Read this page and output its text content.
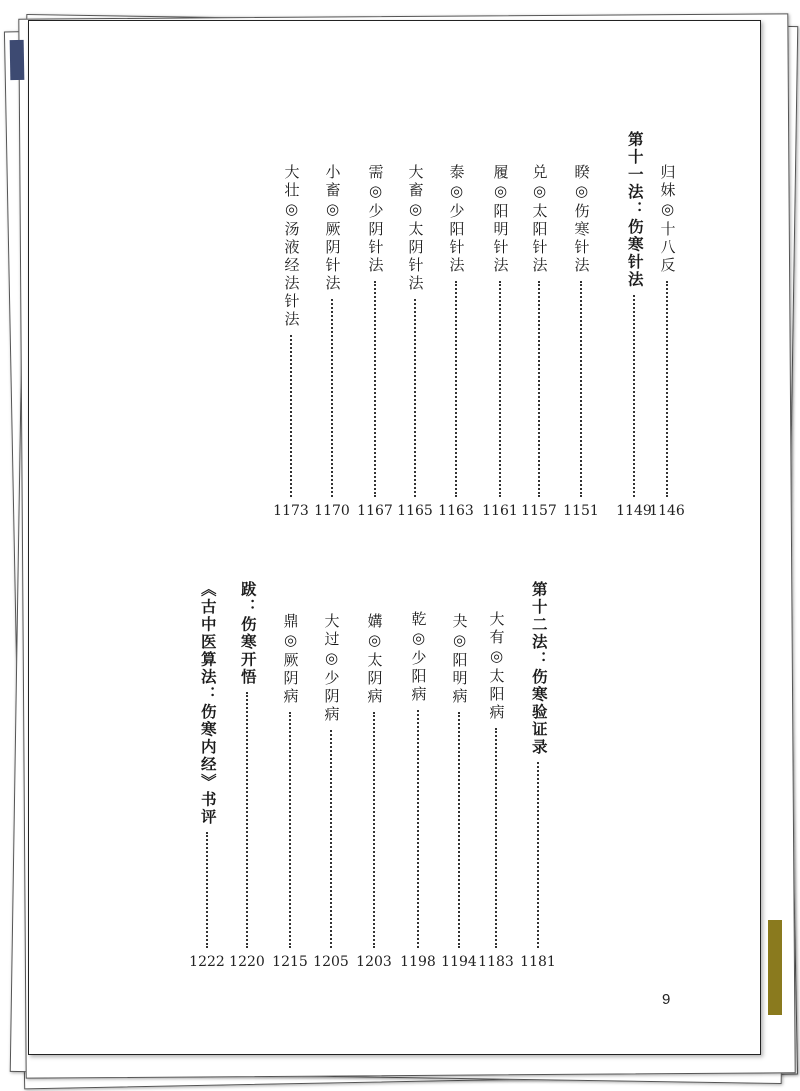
归妹◎十八反
1146
第十一法：伤寒针法
1149
睽◎伤寒针法
1151
兑◎太阳针法
1157
履◎阳明针法
1161
泰◎少阳针法
1163
大畜◎太阴针法
1165
需◎少阴针法
1167
小畜◎厥阴针法
1170
大壮◎汤液经法针法
1173
第十二法：伤寒验证录
1181
大有◎太阳病
1183
夬◎阳明病
1194
乾◎少阳病
1198
媾◎太阴病
1203
大过◎少阴病
1205
鼎◎厥阴病
1215
跋：伤寒开悟
1220
《古中医算法：伤寒内经》书评
1222
9
